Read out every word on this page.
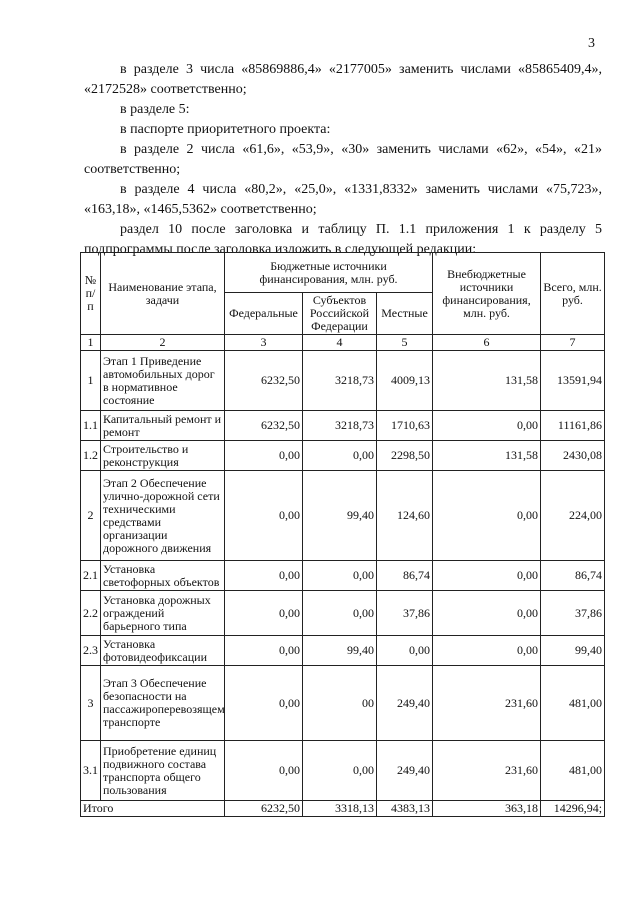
3

в разделе 3 числа «85869886,4» «2177005» заменить числами «85865409,4», «2172528» соответственно;

в разделе 5:

в паспорте приоритетного проекта:

в разделе 2 числа «61,6», «53,9», «30» заменить числами «62», «54», «21» соответственно;

в разделе 4 числа «80,2», «25,0», «1331,8332» заменить числами «75,723», «163,18», «1465,5362» соответственно;

раздел 10 после заголовка и таблицу П. 1.1 приложения 1 к разделу 5 подпрограммы после заголовка изложить в следующей редакции:

№ п/п	Наименование этапа, задачи	Бюджетные источники финансирования, млн. руб.			Внебюджетные источники финансирования, млн. руб.	Всего, млн. руб.
		Федеральные	Субъектов Российской Федерации	Местные		
1	2	3	4	5	6	7
1	Этап 1 Приведение автомобильных дорог в нормативное состояние	6232,50	3218,73	4009,13	131,58	13591,94
1.1	Капитальный ремонт и ремонт	6232,50	3218,73	1710,63	0,00	11161,86
1.2	Строительство и реконструкция	0,00	0,00	2298,50	131,58	2430,08
2	Этап 2 Обеспечение улично-дорожной сети техническими средствами организации дорожного движения	0,00	99,40	124,60	0,00	224,00
2.1	Установка светофорных объектов	0,00	0,00	86,74	0,00	86,74
2.2	Установка дорожных ограждений барьерного типа	0,00	0,00	37,86	0,00	37,86
2.3	Установка фотовидеофиксации	0,00	99,40	0,00	0,00	99,40
3	Этап 3 Обеспечение безопасности на пассажироперевозящем транспорте	0,00	00	249,40	231,60	481,00
3.1	Приобретение единиц подвижного состава транспорта общего пользования	0,00	0,00	249,40	231,60	481,00
Итого		6232,50	3318,13	4383,13	363,18	14296,94;
